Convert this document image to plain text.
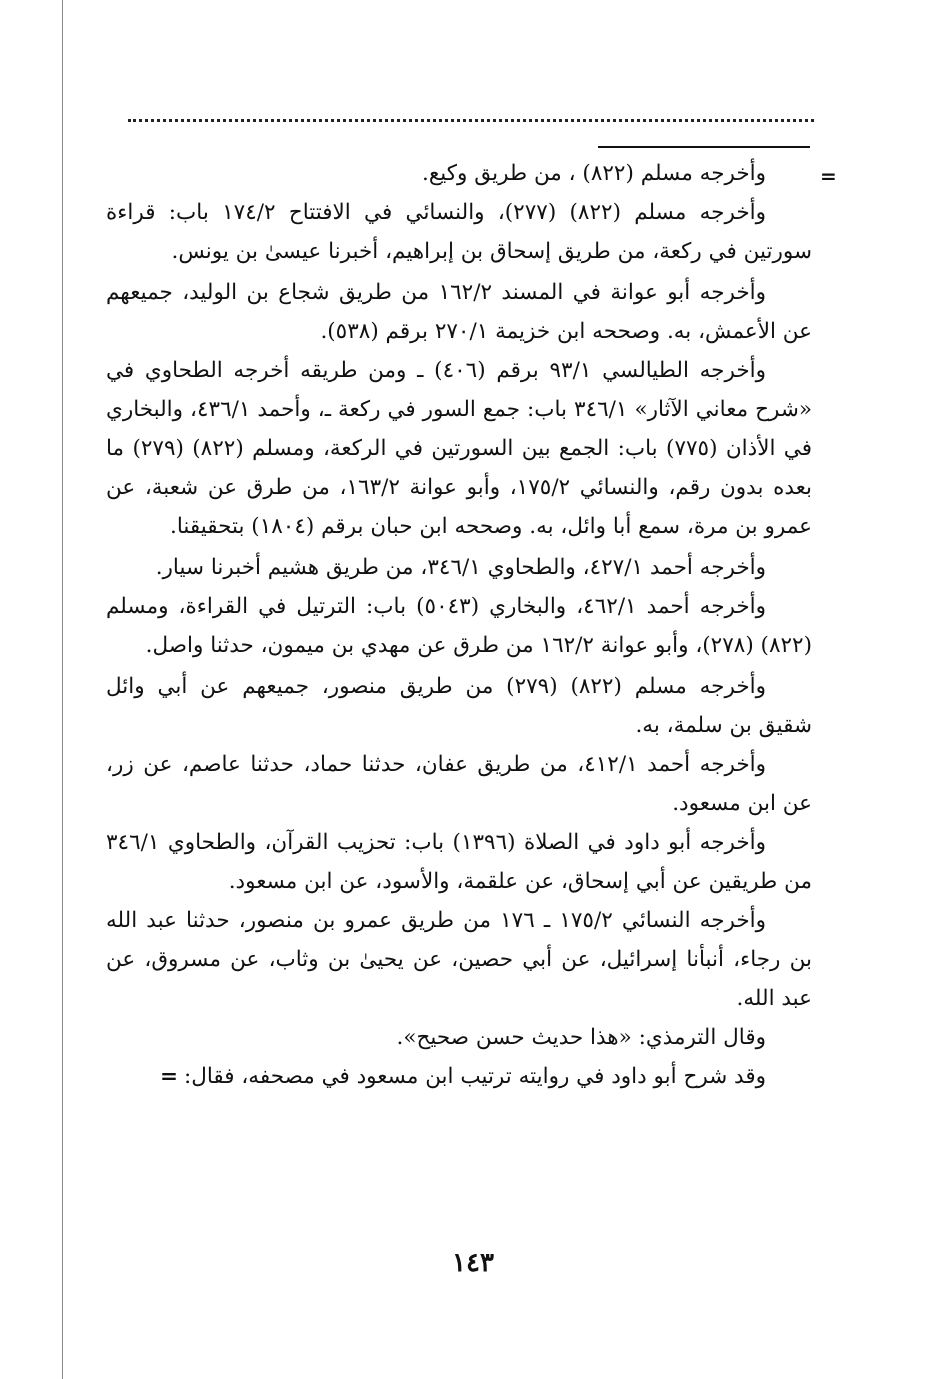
=

وأخرجه مسلم (٨٢٢) ، من طريق وكيع.

وأخرجه مسلم (٨٢٢) (٢٧٧)، والنسائي في الافتتاح ١٧٤/٢ باب: قراءة سورتين في ركعة، من طريق إسحاق بن إبراهيم، أخبرنا عيسىٰ بن يونس.

وأخرجه أبو عوانة في المسند ١٦٢/٢ من طريق شجاع بن الوليد، جميعهم عن الأعمش، به. وصححه ابن خزيمة ٢٧٠/١ برقم (٥٣٨).

وأخرجه الطيالسي ٩٣/١ برقم (٤٠٦) ـ ومن طريقه أخرجه الطحاوي في «شرح معاني الآثار» ٣٤٦/١ باب: جمع السور في ركعة ـ، وأحمد ٤٣٦/١، والبخاري في الأذان (٧٧٥) باب: الجمع بين السورتين في الركعة، ومسلم (٨٢٢) (٢٧٩) ما بعده بدون رقم، والنسائي ١٧٥/٢، وأبو عوانة ١٦٣/٢، من طرق عن شعبة، عن عمرو بن مرة، سمع أبا وائل، به. وصححه ابن حبان برقم (١٨٠٤) بتحقيقنا.

وأخرجه أحمد ٤٢٧/١، والطحاوي ٣٤٦/١، من طريق هشيم أخبرنا سيار.

وأخرجه أحمد ٤٦٢/١، والبخاري (٥٠٤٣) باب: الترتيل في القراءة، ومسلم (٨٢٢) (٢٧٨)، وأبو عوانة ١٦٢/٢ من طرق عن مهدي بن ميمون، حدثنا واصل.

وأخرجه مسلم (٨٢٢) (٢٧٩) من طريق منصور، جميعهم عن أبي وائل شقيق بن سلمة، به.

وأخرجه أحمد ٤١٢/١، من طريق عفان، حدثنا حماد، حدثنا عاصم، عن زر، عن ابن مسعود.

وأخرجه أبو داود في الصلاة (١٣٩٦) باب: تحزيب القرآن، والطحاوي ٣٤٦/١ من طريقين عن أبي إسحاق، عن علقمة، والأسود، عن ابن مسعود.

وأخرجه النسائي ١٧٥/٢ ـ ١٧٦ من طريق عمرو بن منصور، حدثنا عبد الله بن رجاء، أنبأنا إسرائيل، عن أبي حصين، عن يحيىٰ بن وثاب، عن مسروق، عن عبد الله.

وقال الترمذي: «هذا حديث حسن صحيح».

وقد شرح أبو داود في روايته ترتيب ابن مسعود في مصحفه، فقال:=

١٤٣
